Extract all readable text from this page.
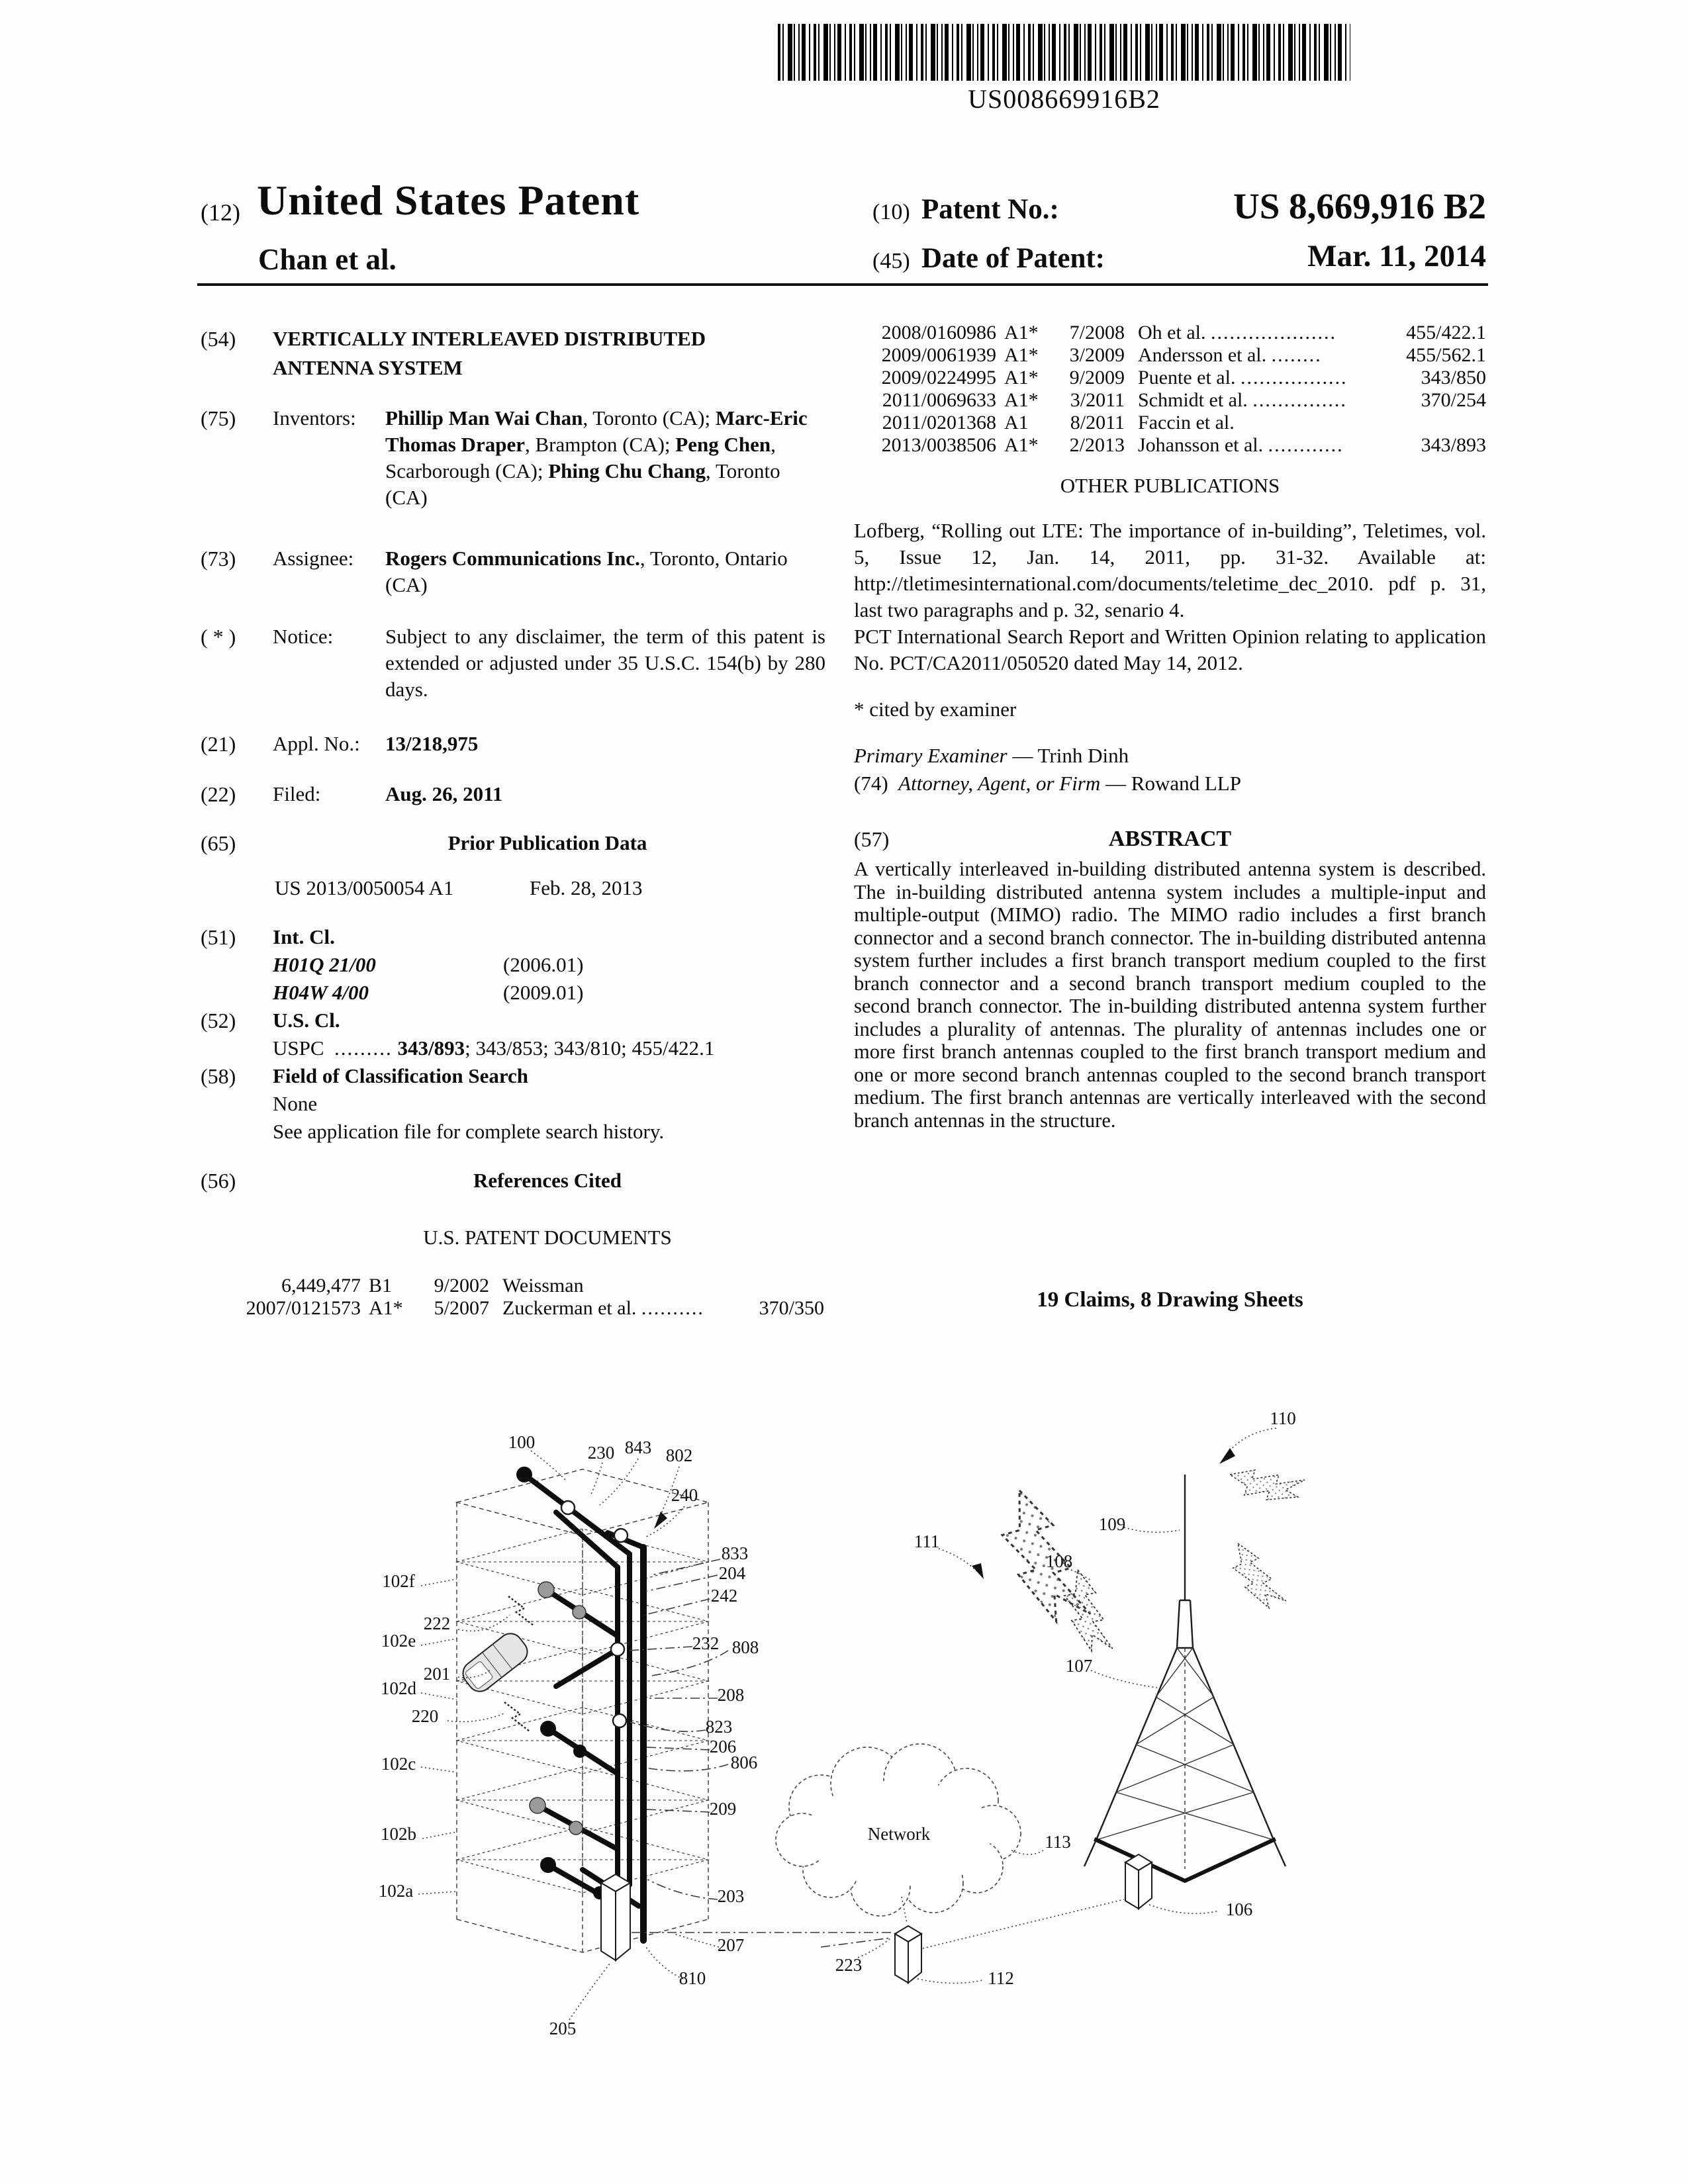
US008669916B2
(12) United States Patent
Chan et al.
(10) Patent No.:	US 8,669,916 B2
(45) Date of Patent:	Mar. 11, 2014
(54)	VERTICALLY INTERLEAVED DISTRIBUTED ANTENNA SYSTEM
(75)	Inventors: Phillip Man Wai Chan, Toronto (CA); Marc-Eric Thomas Draper, Brampton (CA); Peng Chen, Scarborough (CA); Phing Chu Chang, Toronto (CA)
(73)	Assignee: Rogers Communications Inc., Toronto, Ontario (CA)
( * )	Notice:	Subject to any disclaimer, the term of this patent is extended or adjusted under 35 U.S.C. 154(b) by 280 days.
(21)	Appl. No.: 13/218,975
(22)	Filed:	Aug. 26, 2011
(65)	Prior Publication Data
US 2013/0050054 A1	Feb. 28, 2013
(51)	Int. Cl.
H01Q 21/00	(2006.01)
H04W 4/00	(2009.01)
(52)	U.S. Cl.
USPC ......... 343/893; 343/853; 343/810; 455/422.1
(58)	Field of Classification Search
None
See application file for complete search history.
(56)	References Cited
U.S. PATENT DOCUMENTS
6,449,477 B1	9/2002 Weissman
2007/0121573 A1*	5/2007 Zuckerman et al. ..........	370/350
2008/0160986 A1*	7/2008 Oh et al. ....................	455/422.1
2009/0061939 A1*	3/2009 Andersson et al. ........	455/562.1
2009/0224995 A1*	9/2009 Puente et al. .................	343/850
2011/0069633 A1*	3/2011 Schmidt et al. ...............	370/254
2011/0201368 A1	8/2011 Faccin et al.
2013/0038506 A1*	2/2013 Johansson et al. ............	343/893
OTHER PUBLICATIONS
Lofberg, “Rolling out LTE: The importance of in-building”, Teletimes, vol. 5, Issue 12, Jan. 14, 2011, pp. 31-32. Available at: http://tletimesinternational.com/documents/teletime_dec_2010. pdf p. 31, last two paragraphs and p. 32, senario 4.
PCT International Search Report and Written Opinion relating to application No. PCT/CA2011/050520 dated May 14, 2012.
* cited by examiner
Primary Examiner — Trinh Dinh
(74) Attorney, Agent, or Firm — Rowand LLP
(57)	ABSTRACT
A vertically interleaved in-building distributed antenna system is described. The in-building distributed antenna system includes a multiple-input and multiple-output (MIMO) radio. The MIMO radio includes a first branch connector and a second branch connector. The in-building distributed antenna system further includes a first branch transport medium coupled to the first branch connector and a second branch transport medium coupled to the second branch connector. The in-building distributed antenna system further includes a plurality of antennas. The plurality of antennas includes one or more first branch antennas coupled to the first branch transport medium and one or more second branch antennas coupled to the second branch transport medium. The first branch antennas are vertically interleaved with the second branch antennas in the structure.
19 Claims, 8 Drawing Sheets
Network
100
230 843 802
240
833
204
242
102f
222
102e	232 808
201
102d	208
220
823
206
806
102c
209
102b
102a	203
207
810
205
110
109
111
108
107
113
106
223
112
